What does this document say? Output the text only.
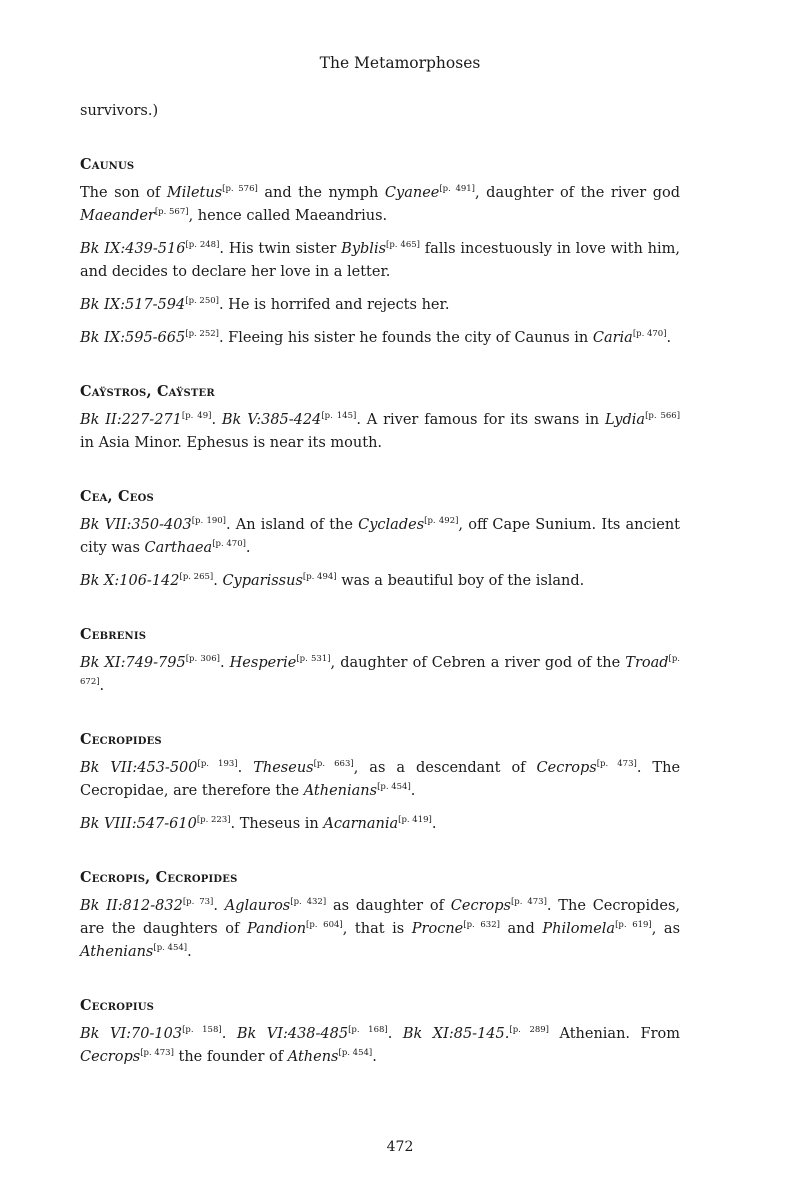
The Metamorphoses

survivors.)

Caunus

The son of Miletus[p. 576] and the nymph Cyanee[p. 491], daughter of the river god Maeander[p. 567], hence called Maeandrius.

Bk IX:439-516[p. 248]. His twin sister Byblis[p. 465] falls incestuously in love with him, and decides to declare her love in a letter.

Bk IX:517-594[p. 250]. He is horrifed and rejects her.

Bk IX:595-665[p. 252]. Fleeing his sister he founds the city of Caunus in Caria[p. 470].

Caÿstros, Caÿster

Bk II:227-271[p. 49]. Bk V:385-424[p. 145]. A river famous for its swans in Lydia[p. 566] in Asia Minor. Ephesus is near its mouth.

Cea, Ceos

Bk VII:350-403[p. 190]. An island of the Cyclades[p. 492], off Cape Sunium. Its ancient city was Carthaea[p. 470].

Bk X:106-142[p. 265]. Cyparissus[p. 494] was a beautiful boy of the island.

Cebrenis

Bk XI:749-795[p. 306]. Hesperie[p. 531], daughter of Cebren a river god of the Troad[p. 672].

Cecropides

Bk VII:453-500[p. 193]. Theseus[p. 663], as a descendant of Cecrops[p. 473]. The Cecropidae, are therefore the Athenians[p. 454].

Bk VIII:547-610[p. 223]. Theseus in Acarnania[p. 419].

Cecropis, Cecropides

Bk II:812-832[p. 73]. Aglauros[p. 432] as daughter of Cecrops[p. 473]. The Cecropides, are the daughters of Pandion[p. 604], that is Procne[p. 632] and Philomela[p. 619], as Athenians[p. 454].

Cecropius

Bk VI:70-103[p. 158]. Bk VI:438-485[p. 168]. Bk XI:85-145.[p. 289] Athenian. From Cecrops[p. 473] the founder of Athens[p. 454].

472
